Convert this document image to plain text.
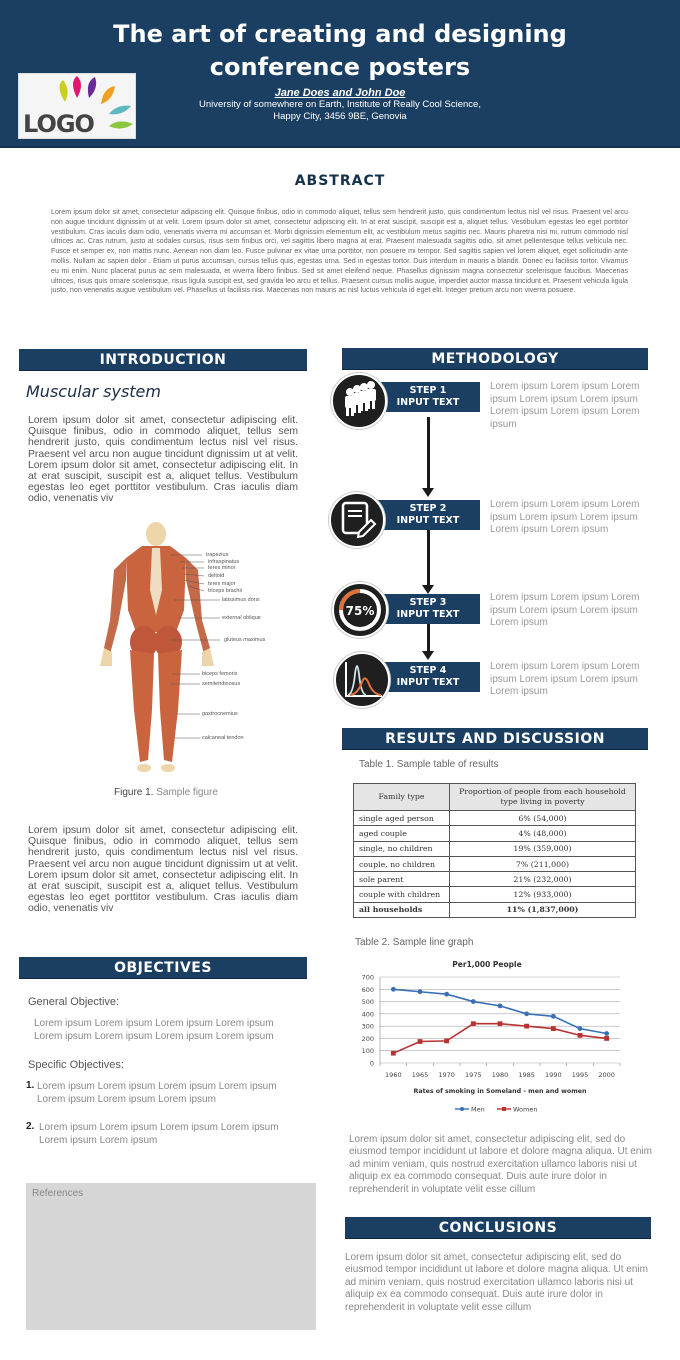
The art of creating and designing
conference posters
Jane Does and John Doe
University of somewhere on Earth, Institute of Really Cool Science,
Happy City, 3456 9BE, Genovia
LOGO
ABSTRACT
Lorem ipsum dolor sit amet, consectetur adipiscing elit. Quisque finibus, odio in commodo aliquet, tellus sem hendrerit justo, quis condimentum lectus nisl vel risus. Praesent vel arcu non augue tincidunt dignissim ut at velit. Lorem ipsum dolor sit amet, consectetur adipiscing elit. In at erat suscipit, suscipit est a, aliquet tellus. Vestibulum egestas leo eget porttitor vestibulum. Cras iaculis diam odio, venenatis viverra mi accumsan et. Morbi dignissim elementum elit, ac vestibulum metus sagittis nec. Mauris pharetra nisi mi, rutrum commodo nisl ultrices ac. Cras rutrum, justo at sodales cursus, risus sem finibus orci, vel sagittis libero magna at erat. Praesent malesuada sagittis odio, sit amet pellentesque tellus vehicula nec. Fusce et semper ex, non mattis nunc. Aenean non diam leo. Fusce pulvinar ex vitae urna porttitor, non posuere mi tempor. Sed sagittis sapien vel lorem aliquet, eget sollicitudin ante mollis. Nullam ac sapien dolor . Etiam ut purus accumsan, cursus tellus quis, egestas urna. Sed in egestas tortor. Duis interdum in mauris a blandit. Donec eu facilisis tortor. Vivamus eu mi enim. Nunc placerat purus ac sem malesuada, et viverra libero finibus. Sed sit amet eleifend neque. Phasellus dignissim magna consectetur scelerisque faucibus. Maecenas ultrices, risus quis ornare scelerisque, risus ligula suscipit est, sed gravida leo arcu et tellus. Praesent cursus mollis augue, imperdiet auctor massa tincidunt et. Praesent vehicula ligula justo, non venenatis augue vestibulum vel. Phasellus ut facilisis nisi. Maecenas non mauris ac nisl luctus vehicula id eget elit. Integer pretium arcu non viverra posuere.
INTRODUCTION
Muscular system
Lorem ipsum dolor sit amet, consectetur adipiscing elit. Quisque finibus, odio in commodo aliquet, tellus sem hendrerit justo, quis condimentum lectus nisl vel risus. Praesent vel arcu non augue tincidunt dignissim ut at velit. Lorem ipsum dolor sit amet, consectetur adipiscing elit. In at erat suscipit, suscipit est a, aliquet tellus. Vestibulum egestas leo eget porttitor vestibulum. Cras iaculis diam odio, venenatis viv
trapezius
infraspinatus
teres minor
deltoid
teres major
triceps brachii
latissimus dorsi
external oblique
gluteus maximus
biceps femoris
semitendinosus
gastrocnemius
calcaneal tendon
Figure 1. Sample figure
Lorem ipsum dolor sit amet, consectetur adipiscing elit. Quisque finibus, odio in commodo aliquet, tellus sem hendrerit justo, quis condimentum lectus nisl vel risus. Praesent vel arcu non augue tincidunt dignissim ut at velit. Lorem ipsum dolor sit amet, consectetur adipiscing elit. In at erat suscipit, suscipit est a, aliquet tellus. Vestibulum egestas leo eget porttitor vestibulum. Cras iaculis diam odio, venenatis viv
OBJECTIVES
General Objective:
Lorem ipsum Lorem ipsum Lorem ipsum Lorem ipsum Lorem ipsum Lorem ipsum Lorem ipsum Lorem ipsum
Specific Objectives:
1. Lorem ipsum Lorem ipsum Lorem ipsum Lorem ipsum Lorem ipsum Lorem ipsum Lorem ipsum
2. Lorem ipsum Lorem ipsum Lorem ipsum Lorem ipsum Lorem ipsum Lorem ipsum
References
METHODOLOGY
STEP 1
INPUT TEXT
Lorem ipsum Lorem ipsum Lorem ipsum Lorem ipsum Lorem ipsum Lorem ipsum Lorem ipsum Lorem ipsum
STEP 2
INPUT TEXT
Lorem ipsum Lorem ipsum Lorem ipsum Lorem ipsum Lorem ipsum Lorem ipsum Lorem ipsum
STEP 3
INPUT TEXT
75%
Lorem ipsum Lorem ipsum Lorem ipsum Lorem ipsum Lorem ipsum Lorem ipsum
STEP 4
INPUT TEXT
Lorem ipsum Lorem ipsum Lorem ipsum Lorem ipsum Lorem ipsum Lorem ipsum
RESULTS AND DISCUSSION
Table 1. Sample table of results
Family type	Proportion of people from each household type living in poverty
single aged person	6% (54,000)
aged couple	4% (48,000)
single, no children	19% (359,000)
couple, no children	7% (211,000)
sole parent	21% (232,000)
couple with children	12% (933,000)
all households	11% (1,837,000)
Table 2. Sample line graph
Per1,000 People
0
100
200
300
400
500
600
700
1960 1965 1970 1975 1980 1985 1990 1995 2000
Rates of smoking in Someland - men and women
Men	Women
Lorem ipsum dolor sit amet, consectetur adipiscing elit, sed do eiusmod tempor incididunt ut labore et dolore magna aliqua. Ut enim ad minim veniam, quis nostrud exercitation ullamco laboris nisi ut aliquip ex ea commodo consequat. Duis aute irure dolor in reprehenderit in voluptate velit esse cillum
CONCLUSIONS
Lorem ipsum dolor sit amet, consectetur adipiscing elit, sed do eiusmod tempor incididunt ut labore et dolore magna aliqua. Ut enim ad minim veniam, quis nostrud exercitation ullamco laboris nisi ut aliquip ex ea commodo consequat. Duis aute irure dolor in reprehenderit in voluptate velit esse cillum
